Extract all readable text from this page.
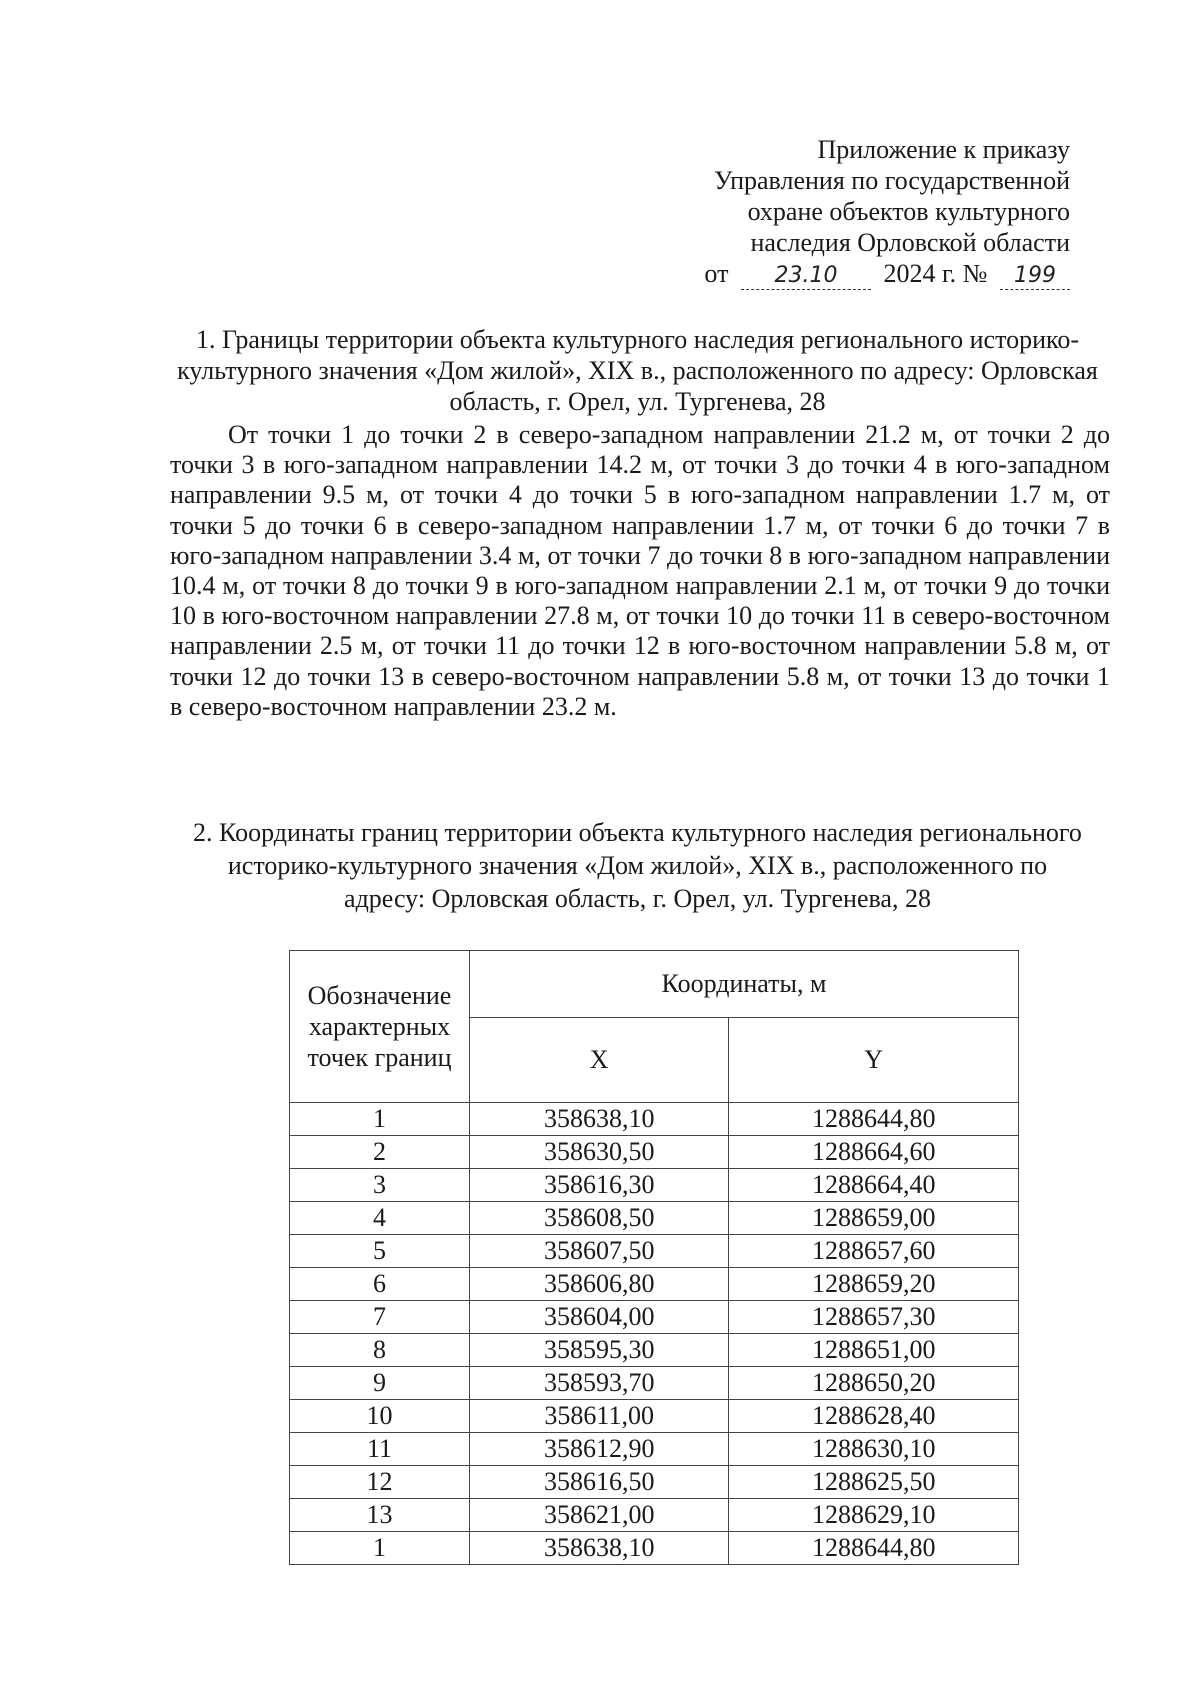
Приложение к приказу
Управления по государственной
охране объектов культурного
наследия Орловской области
от 23.10 2024 г. № 199
1. Границы территории объекта культурного наследия регионального историко-культурного значения «Дом жилой», XIX в., расположенного по адресу: Орловская область, г. Орел, ул. Тургенева, 28
От точки 1 до точки 2 в северо-западном направлении 21.2 м, от точки 2 до точки 3 в юго-западном направлении 14.2 м, от точки 3 до точки 4 в юго-западном направлении 9.5 м, от точки 4 до точки 5 в юго-западном направлении 1.7 м, от точки 5 до точки 6 в северо-западном направлении 1.7 м, от точки 6 до точки 7 в юго-западном направлении 3.4 м, от точки 7 до точки 8 в юго-западном направлении 10.4 м, от точки 8 до точки 9 в юго-западном направлении 2.1 м, от точки 9 до точки 10 в юго-восточном направлении 27.8 м, от точки 10 до точки 11 в северо-восточном направлении 2.5 м, от точки 11 до точки 12 в юго-восточном направлении 5.8 м, от точки 12 до точки 13 в северо-восточном направлении 5.8 м, от точки 13 до точки 1 в северо-восточном направлении 23.2 м.
2. Координаты границ территории объекта культурного наследия регионального историко-культурного значения «Дом жилой», XIX в., расположенного по адресу: Орловская область, г. Орел, ул. Тургенева, 28
Обозначение характерных точек границ	Координаты, м	
	X	Y
1	358638,10	1288644,80
2	358630,50	1288664,60
3	358616,30	1288664,40
4	358608,50	1288659,00
5	358607,50	1288657,60
6	358606,80	1288659,20
7	358604,00	1288657,30
8	358595,30	1288651,00
9	358593,70	1288650,20
10	358611,00	1288628,40
11	358612,90	1288630,10
12	358616,50	1288625,50
13	358621,00	1288629,10
1	358638,10	1288644,80
